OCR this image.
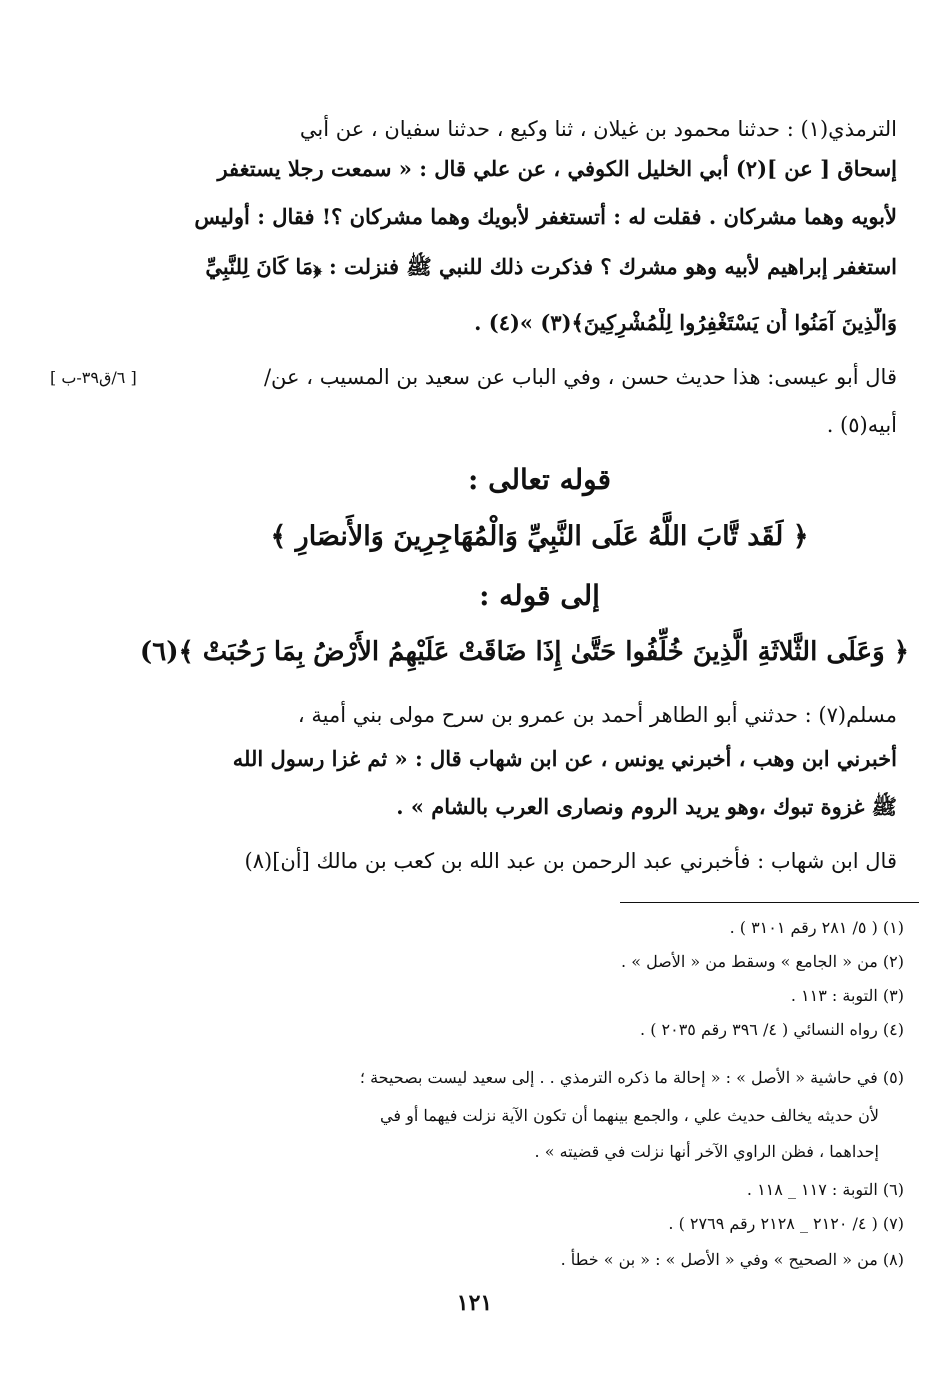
الترمذي(١) : حدثنا محمود بن غيلان ، ثنا وكيع ، حدثنا سفيان ، عن أبي
إسحاق [ عن ](٢) أبي الخليل الكوفي ، عن علي قال : « سمعت رجلا يستغفر
لأبويه وهما مشركان . فقلت له : أتستغفر لأبويك وهما مشركان ؟! فقال : أوليس
استغفر إبراهيم لأبيه وهو مشرك ؟ فذكرت ذلك للنبي ﷺ فنزلت : ﴿مَا كَانَ لِلنَّبِيِّ
وَالَّذِينَ آمَنُوا أَن يَسْتَغْفِرُوا لِلْمُشْرِكِينَ﴾(٣) »(٤) .
قال أبو عيسى: هذا حديث حسن ، وفي الباب عن سعيد بن المسيب ، عن/
أبيه(٥) .
[ ٦/ق٣٩-ب ]
قوله تعالى :
﴿ لَقَد تَّابَ اللَّهُ عَلَى النَّبِيِّ وَالْمُهَاجِرِينَ وَالأَنصَارِ ﴾
إلى قوله :
﴿ وَعَلَى الثَّلاثَةِ الَّذِينَ خُلِّفُوا حَتَّىٰ إِذَا ضَاقَتْ عَلَيْهِمُ الأَرْضُ بِمَا رَحُبَتْ ﴾(٦)
مسلم(٧) : حدثني أبو الطاهر أحمد بن عمرو بن سرح مولى بني أمية ،
أخبرني ابن وهب ، أخبرني يونس ، عن ابن شهاب قال : « ثم غزا رسول الله
ﷺ غزوة تبوك ،وهو يريد الروم ونصارى العرب بالشام » .
قال ابن شهاب : فأخبرني عبد الرحمن بن عبد الله بن كعب بن مالك [أن](٨)
(١) ( ٥/ ٢٨١ رقم ٣١٠١ ) .
(٢) من « الجامع » وسقط من « الأصل » .
(٣) التوبة : ١١٣ .
(٤) رواه النسائي ( ٤/ ٣٩٦ رقم ٢٠٣٥ ) .
(٥) في حاشية « الأصل » : « إحالة ما ذكره الترمذي . . إلى سعيد ليست بصحيحة ؛
لأن حديثه يخالف حديث علي ، والجمع بينهما أن تكون الآية نزلت فيهما أو في
إحداهما ، فظن الراوي الآخر أنها نزلت في قضيته » .
(٦) التوبة : ١١٧ _ ١١٨ .
(٧) ( ٤/ ٢١٢٠ _ ٢١٢٨ رقم ٢٧٦٩ ) .
(٨) من « الصحيح » وفي « الأصل » : « بن » خطأ .
١٢١
